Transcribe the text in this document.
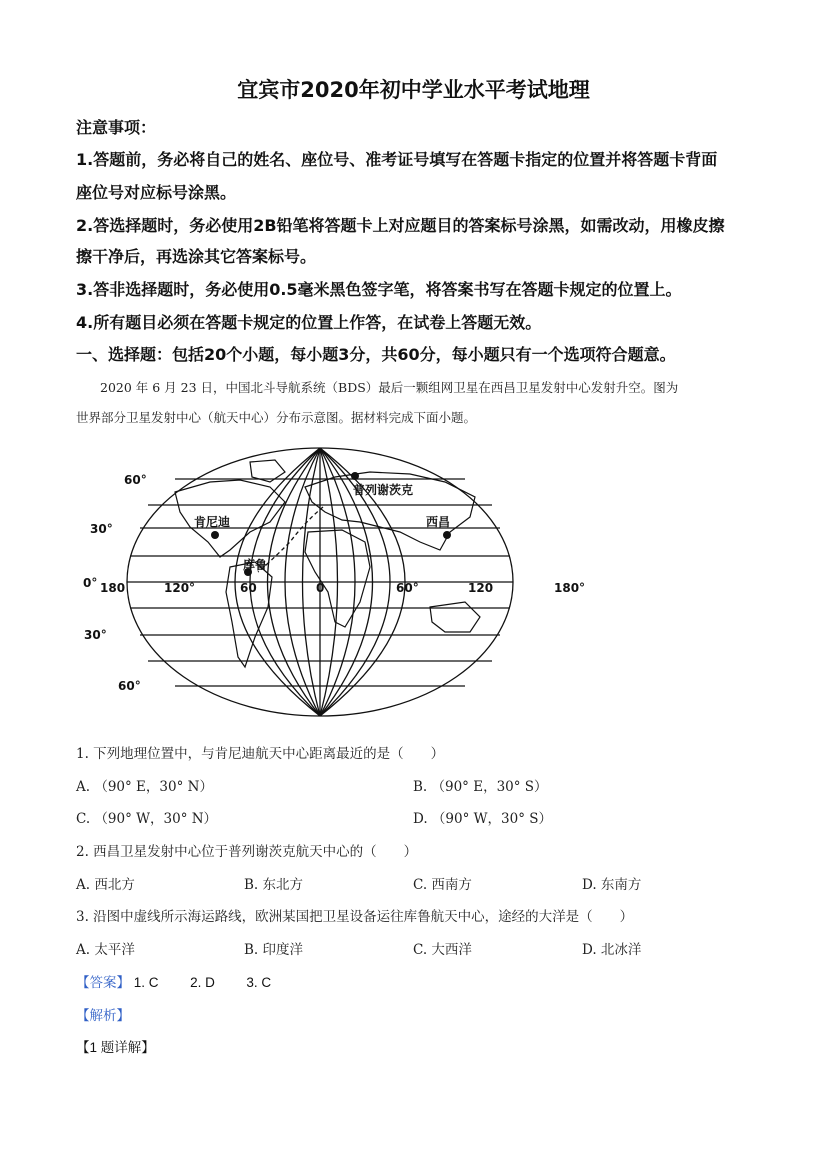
宜宾市2020年初中学业水平考试地理
注意事项：
1.答题前，务必将自己的姓名、座位号、准考证号填写在答题卡指定的位置并将答题卡背面
座位号对应标号涂黑。
2.答选择题时，务必使用2B铅笔将答题卡上对应题目的答案标号涂黑，如需改动，用橡皮擦
擦干净后，再选涂其它答案标号。
3.答非选择题时，务必使用0.5毫米黑色签字笔，将答案书写在答题卡规定的位置上。
4.所有题目必须在答题卡规定的位置上作答，在试卷上答题无效。
一、选择题：包括20个小题，每小题3分，共60分，每小题只有一个选项符合题意。
2020 年 6 月 23 日，中国北斗导航系统（BDS）最后一颗组网卫星在西昌卫星发射中心发射升空。图为
世界部分卫星发射中心（航天中心）分布示意图。据材料完成下面小题。
普列谢茨克
肯尼迪	西昌
库鲁
60°
30°
0°
30°
60°
180	120°	60	0	60°	120	180°
1. 下列地理位置中，与肯尼迪航天中心距离最近的是（　　）
A. （90° E，30° N）	B. （90° E，30° S）
C. （90° W，30° N）	D. （90° W，30° S）
2. 西昌卫星发射中心位于普列谢茨克航天中心的（　　）
A. 西北方	B. 东北方	C. 西南方	D. 东南方
3. 沿图中虚线所示海运路线，欧洲某国把卫星设备运往库鲁航天中心，途经的大洋是（　　）
A. 太平洋	B. 印度洋	C. 大西洋	D. 北冰洋
【答案】 1. C 2. D 3. C
【解析】
【1 题详解】
